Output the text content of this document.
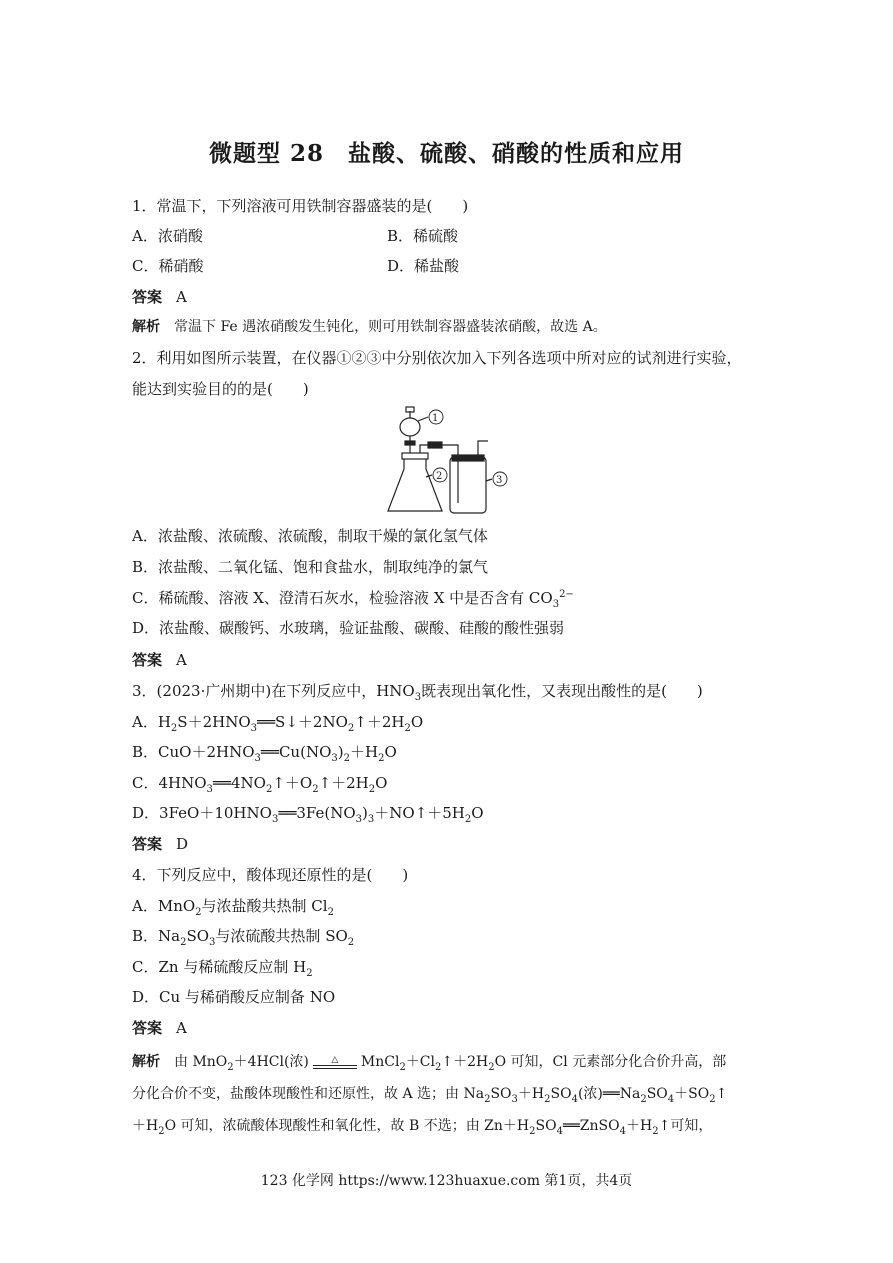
微题型 28　盐酸、硫酸、硝酸的性质和应用
1．常温下，下列溶液可用铁制容器盛装的是(　　)
A．浓硝酸	B．稀硫酸
C．稀硝酸	D．稀盐酸
答案 A
解析 常温下 Fe 遇浓硝酸发生钝化，则可用铁制容器盛装浓硝酸，故选 A。
2．利用如图所示装置，在仪器①②③中分别依次加入下列各选项中所对应的试剂进行实验，
能达到实验目的的是(　　)
1
2	3
A．浓盐酸、浓硫酸、浓硫酸，制取干燥的氯化氢气体
B．浓盐酸、二氧化锰、饱和食盐水，制取纯净的氯气
C．稀硫酸、溶液 X、澄清石灰水，检验溶液 X 中是否含有 $CO_3^{2-}$
D．浓盐酸、碳酸钙、水玻璃，验证盐酸、碳酸、硅酸的酸性强弱
答案 A
3．(2023·广州期中)在下列反应中，$HNO_3$既表现出氧化性，又表现出酸性的是(　　)
A．$H_2S+2HNO_3══S↓+2NO_2↑+2H_2O$
B．$CuO+2HNO_3══Cu(NO_3)_2+H_2O$
C．$4HNO_3══4NO_2↑+O_2↑+2H_2O$
D．$3FeO+10HNO_3══3Fe(NO_3)_3+NO↑+5H_2O$
答案 D
4．下列反应中，酸体现还原性的是(　　)
A．MnO$_2$与浓盐酸共热制 $Cl_2$
B．$Na_2SO_3$与浓硫酸共热制 $SO_2$
C．Zn 与稀硫酸反应制 $H_2$
D．Cu 与稀硝酸反应制备 NO
答案 A
解析 由 MnO$_2$＋4HCl(浓)	△	$MnCl_2+Cl_2↑+2H_2O$ 可知，Cl 元素部分化合价升高，部
分化合价不变，盐酸体现酸性和还原性，故 A 选；由 $Na_2SO_3+H_2SO_4$(浓)$══Na_2SO_4+SO_2↑$
$+H_2O$ 可知，浓硫酸体现酸性和氧化性，故 B 不选；由 $Zn+H_2SO_4══ZnSO_4+H_2↑$可知，
123 化学网 https://www.123huaxue.com 第1页，共4页
